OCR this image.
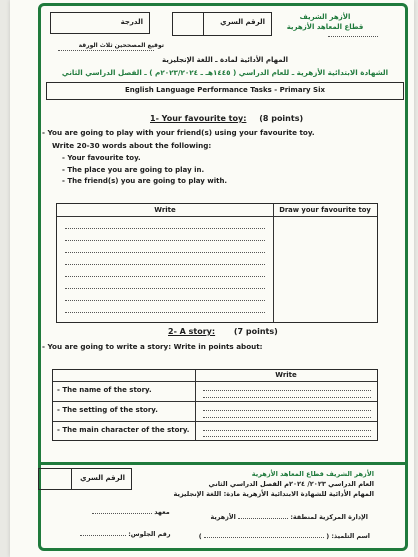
الأزهر الشريف
قطاع المعاهد الأزهرية
الرقم السري
الدرجة
توقيع المصححين ثلاث الورقة
المهام الأدائية لمادة ـ اللغة الإنجليزية
الشهادة الابتدائية الأزهرية ـ للعام الدراسي ( ١٤٤٥هـ ـ ٢٠٢٣/٢٠٢٤م ) ـ الفصل الدراسي الثاني
English Language Performance Tasks - Primary Six
1- Your favourite toy: (8 points)
- You are going to play with your friend(s) using your favourite toy.
Write 20-30 words about the following:
- Your favourite toy.
- The place you are going to play in.
- The friend(s) you are going to play with.
Write	Draw your favourite toy
2- A story: (7 points)
- You are going to write a story: Write in points about:
Write
- The name of the story.
- The setting of the story.
- The main character of the story.
الرقم السري	الأزهر الشريف قطاع المعاهد الأزهرية
العام الدراسي ٢٠٢٣/ ٢٠٢٤م الفصل الدراسي الثاني
المهام الأدائية للشهادة الابتدائية الأزهرية مادة: اللغة الإنجليزية
الإدارة المركزية لمنطقة:  الأزهرية
معهد
اسم التلميذ: (  )
رقم الجلوس:
